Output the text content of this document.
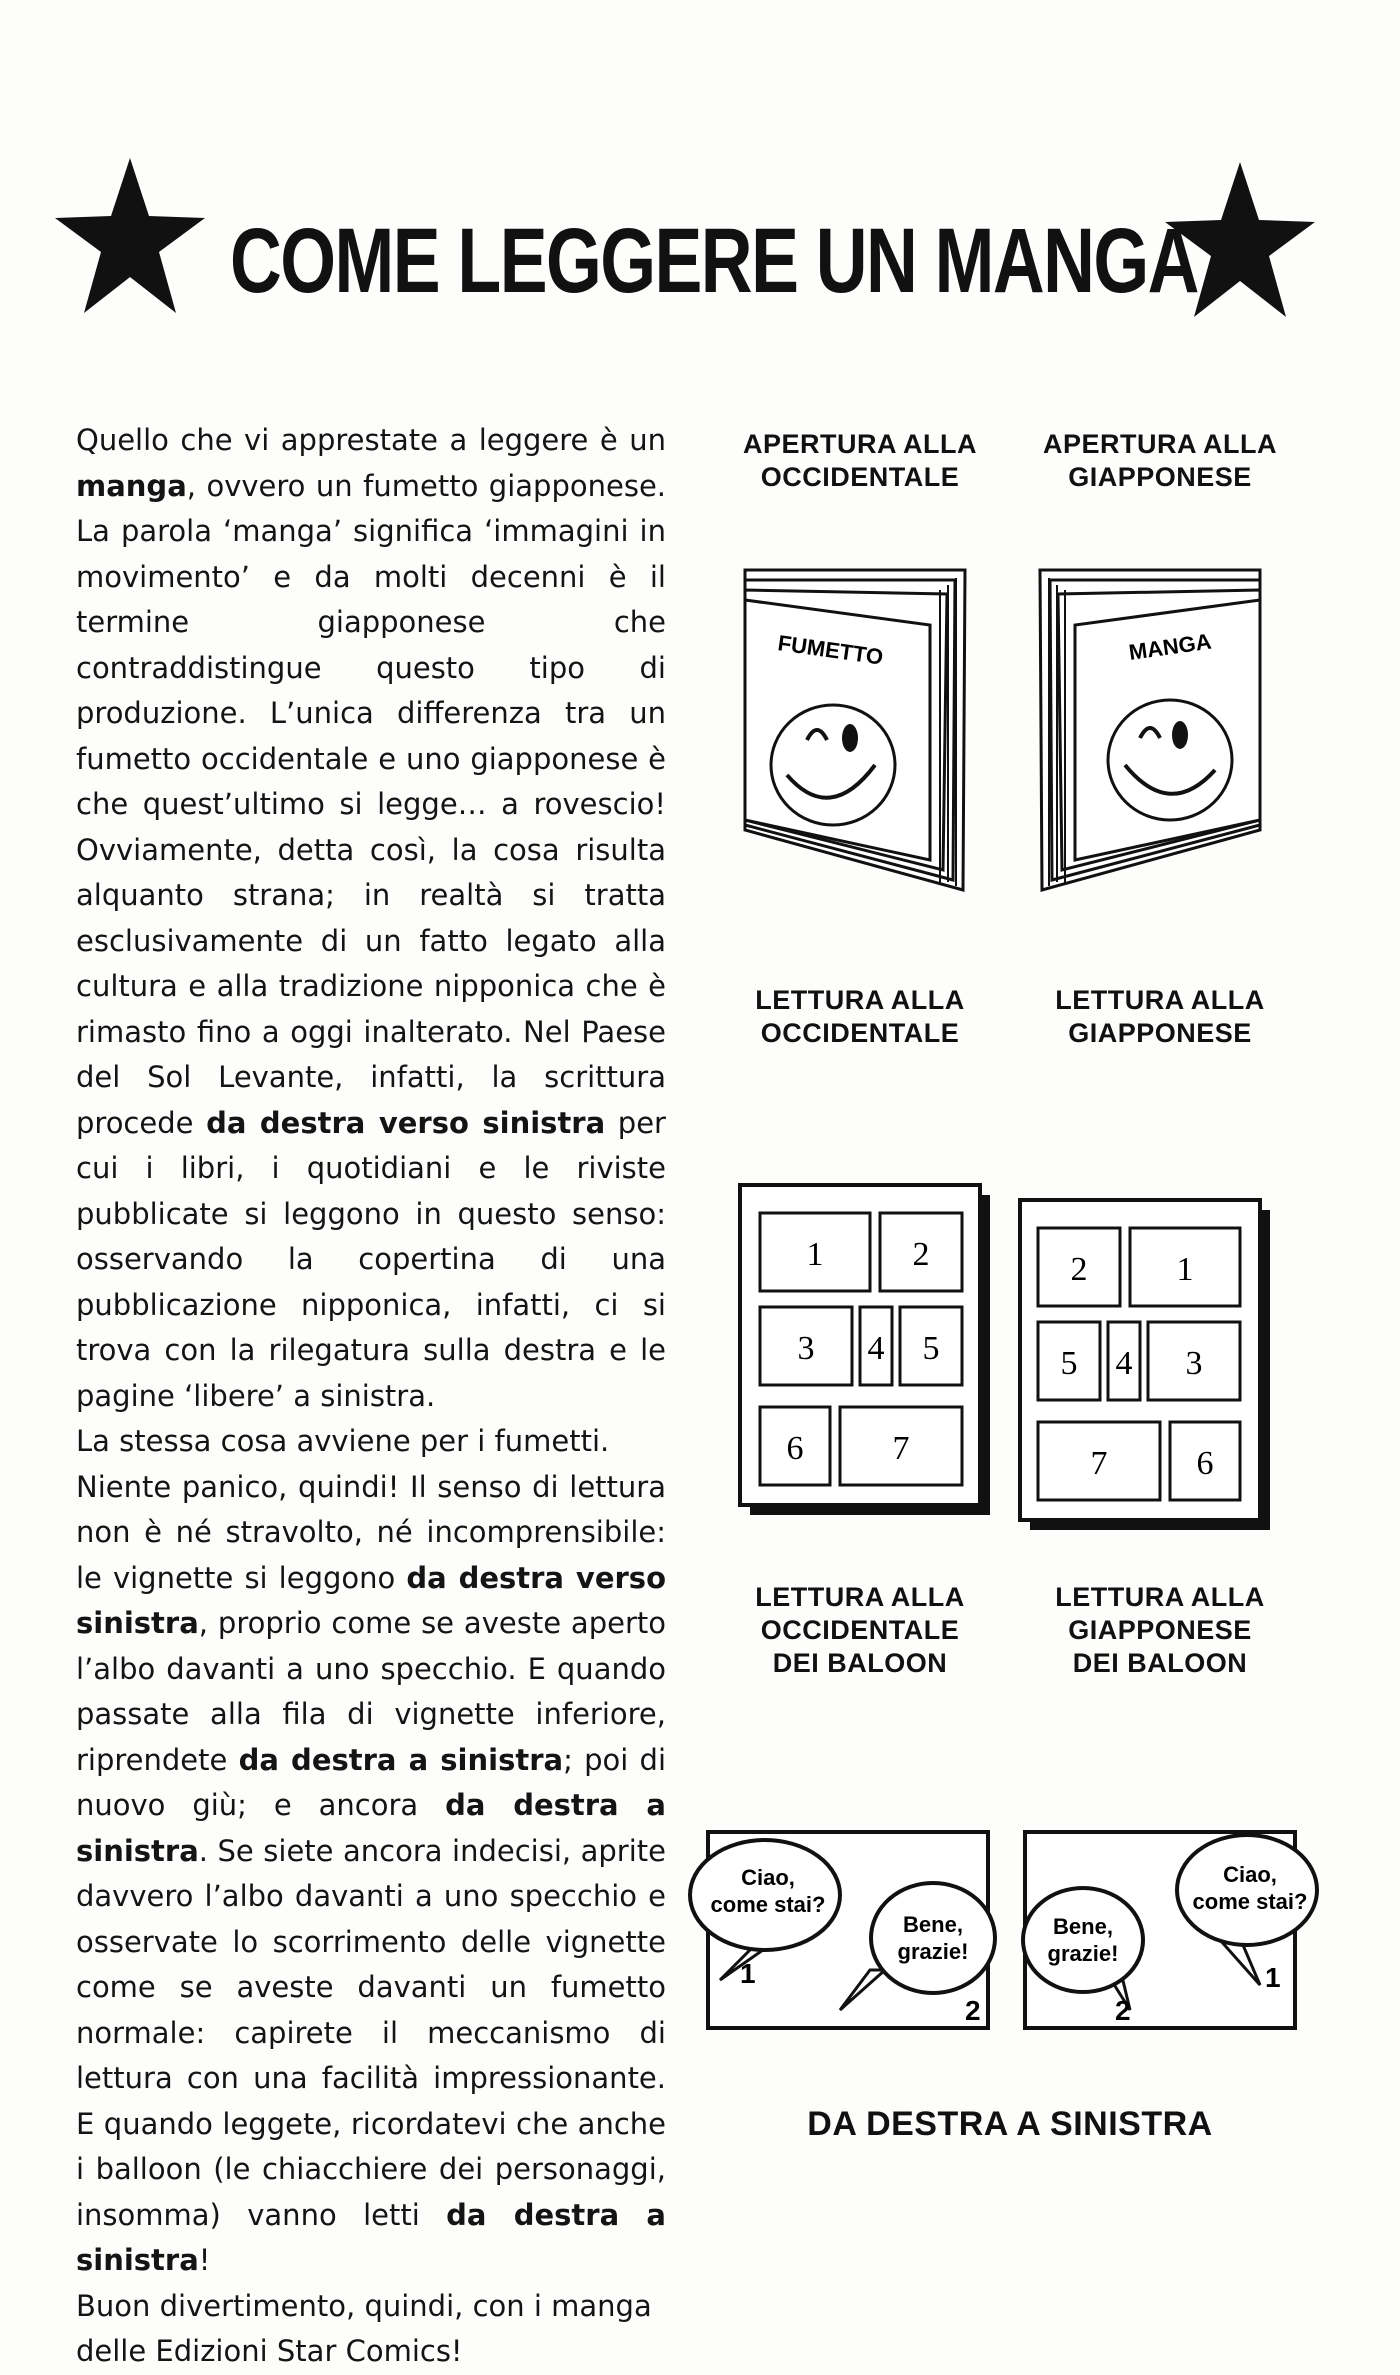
COME LEGGERE UN MANGA

Quello che vi apprestate a leggere è un manga, ovvero un fumetto giapponese. La parola ‘manga’ significa ‘immagini in movimento’ e da molti decenni è il termine giapponese che contraddistingue questo tipo di produzione. L’unica differenza tra un fumetto occidentale e uno giapponese è che quest’ultimo si legge… a rovescio! Ovviamente, detta così, la cosa risulta alquanto strana; in realtà si tratta esclusivamente di un fatto legato alla cultura e alla tradizione nipponica che è rimasto fino a oggi inalterato. Nel Paese del Sol Levante, infatti, la scrittura procede da destra verso sinistra per cui i libri, i quotidiani e le riviste pubblicate si leggono in questo senso: osservando la copertina di una pubblicazione nipponica, infatti, ci si trova con la rilegatura sulla destra e le pagine ‘libere’ a sinistra.

La stessa cosa avviene per i fumetti.

Niente panico, quindi! Il senso di lettura non è né stravolto, né incomprensibile: le vignette si leggono da destra verso sinistra, proprio come se aveste aperto l’albo davanti a uno specchio. E quando passate alla fila di vignette inferiore, riprendete da destra a sinistra; poi di nuovo giù; e ancora da destra a sinistra. Se siete ancora indecisi, aprite davvero l’albo davanti a uno specchio e osservate lo scorrimento delle vignette come se aveste davanti un fumetto normale: capirete il meccanismo di lettura con una facilità impressionante. E quando leggete, ricordatevi che anche i balloon (le chiacchiere dei personaggi, insomma) vanno letti da destra a sinistra!

Buon divertimento, quindi, con i manga delle Edizioni Star Comics!

APERTURA ALLA
OCCIDENTALE
APERTURA ALLA
GIAPPONESE
FUMETTO	MANGA
LETTURA ALLA
OCCIDENTALE
LETTURA ALLA
GIAPPONESE
1	2
3 4 5
6	7
2	1
5 4 3
7	6
LETTURA ALLA
OCCIDENTALE
DEI BALOON
LETTURA ALLA
GIAPPONESE
DEI BALOON
Ciao,
come stai?
Bene,
grazie!
1
2
Ciao,
come stai?
Bene,
grazie!
1
2
DA DESTRA A SINISTRA
